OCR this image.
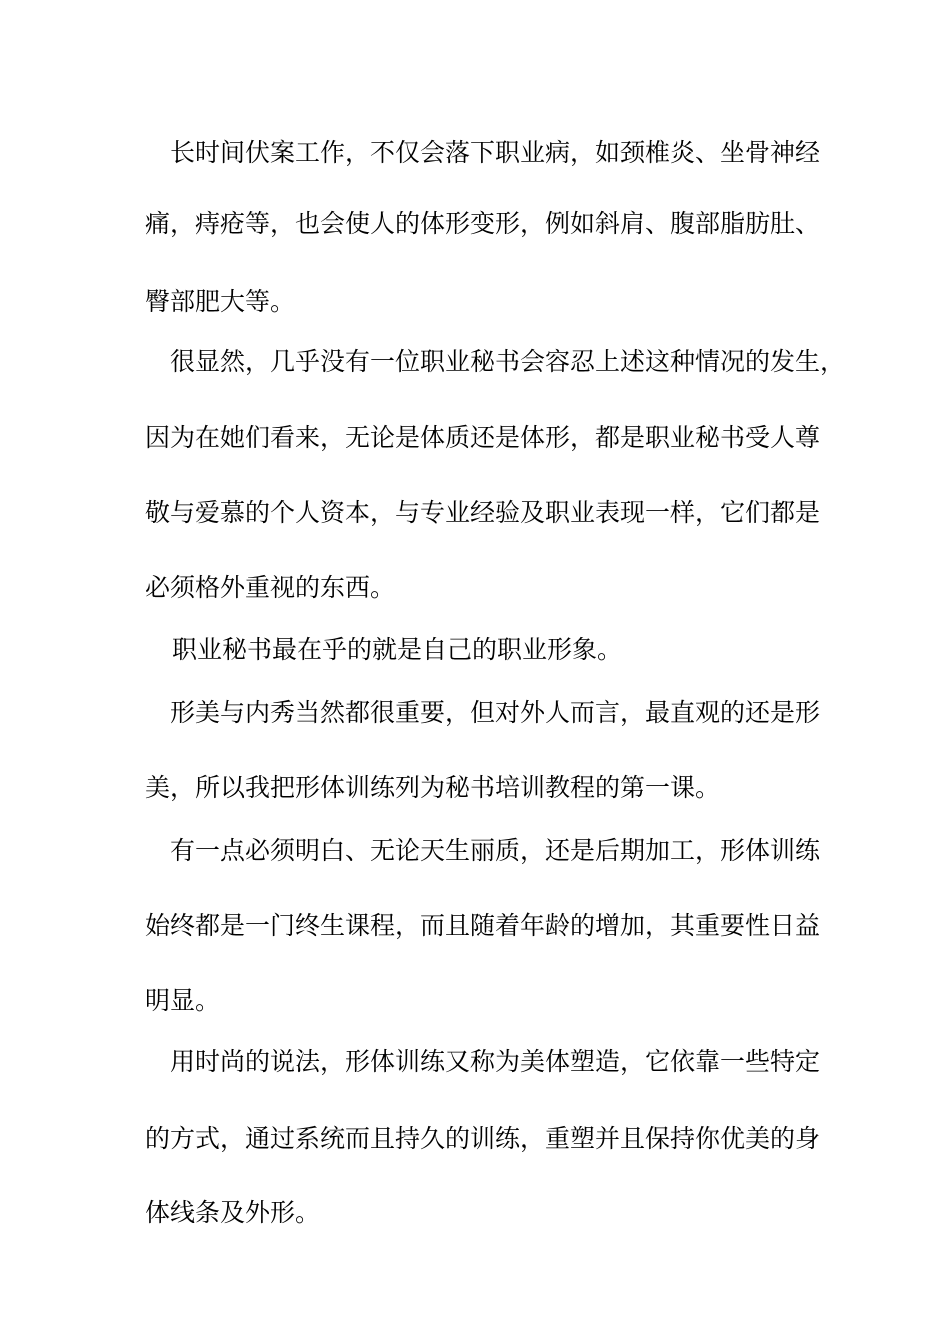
　长时间伏案工作，不仅会落下职业病，如颈椎炎、坐骨神经

痛，痔疮等，也会使人的体形变形，例如斜肩、腹部脂肪肚、

臀部肥大等。

　很显然，几乎没有一位职业秘书会容忍上述这种情况的发生，

因为在她们看来，无论是体质还是体形，都是职业秘书受人尊

敬与爱慕的个人资本，与专业经验及职业表现一样，它们都是

必须格外重视的东西。

职业秘书最在乎的就是自己的职业形象。

　形美与内秀当然都很重要，但对外人而言，最直观的还是形

美，所以我把形体训练列为秘书培训教程的第一课。

　有一点必须明白、无论天生丽质，还是后期加工，形体训练

始终都是一门终生课程，而且随着年龄的增加，其重要性日益

明显。

　用时尚的说法，形体训练又称为美体塑造，它依靠一些特定

的方式，通过系统而且持久的训练，重塑并且保持你优美的身

体线条及外形。
